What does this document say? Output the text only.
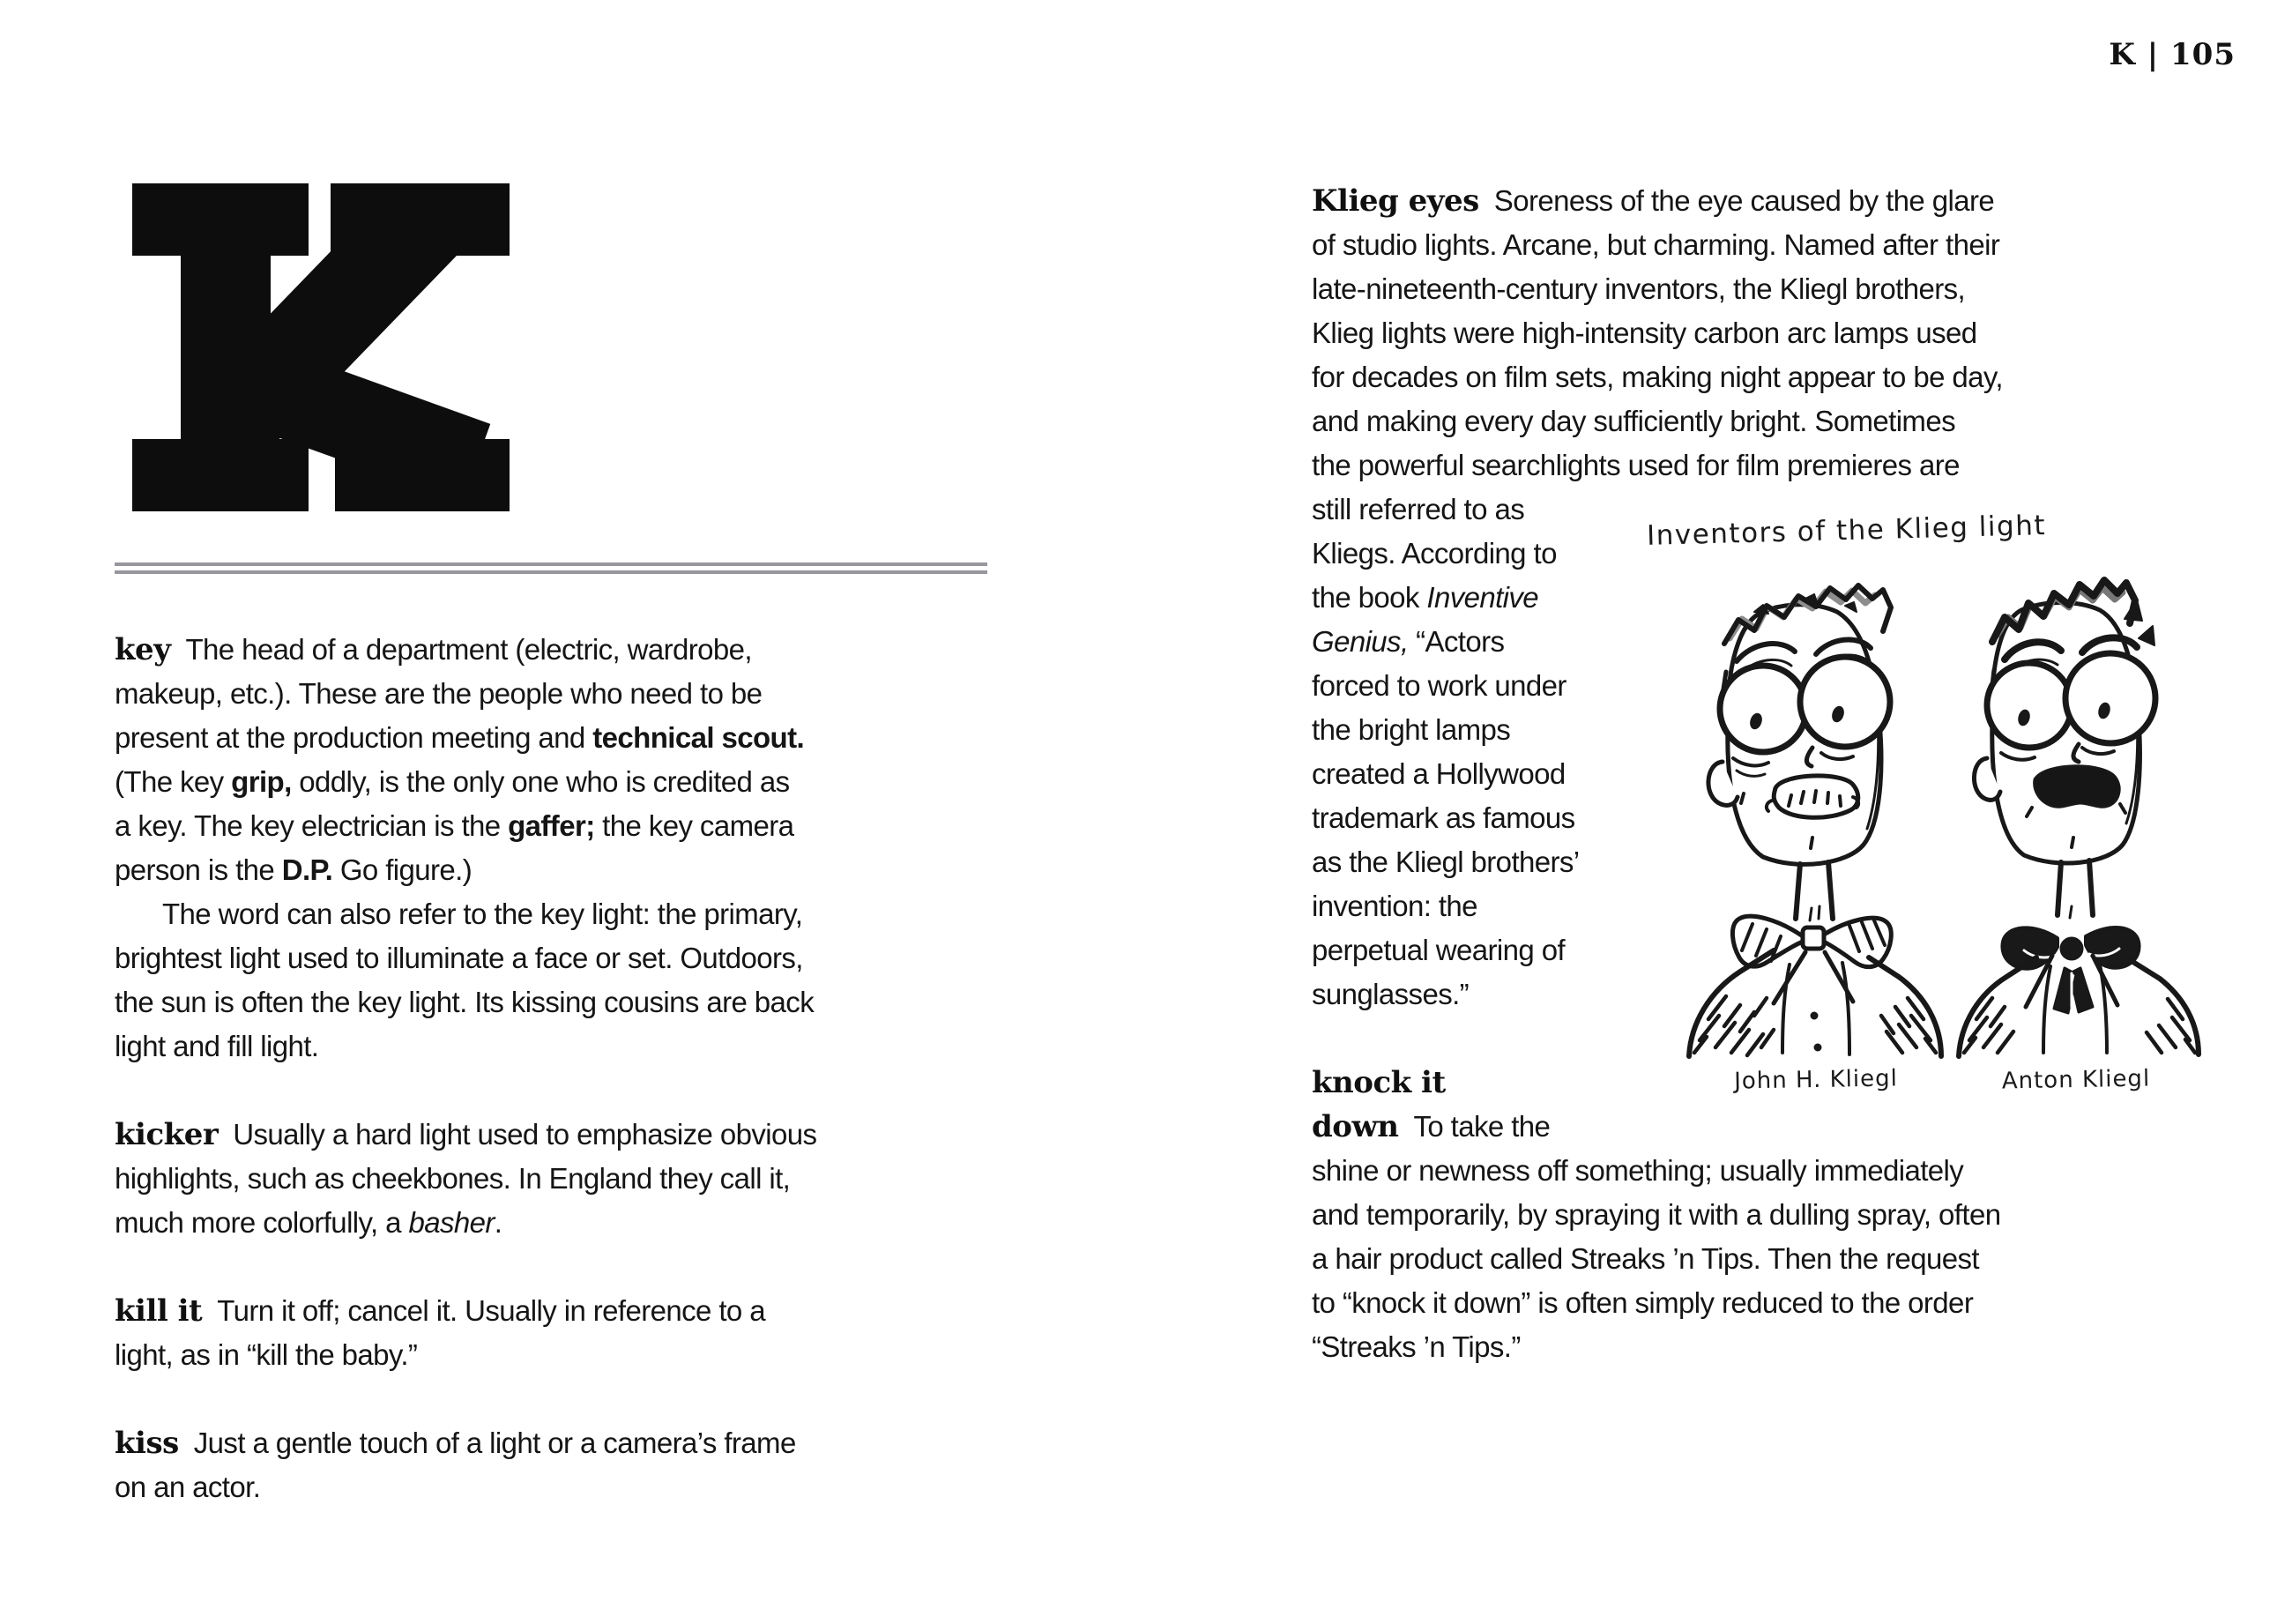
K | 105
key The head of a department (electric, wardrobe,
makeup, etc.). These are the people who need to be
present at the production meeting and technical scout.
(The key grip, oddly, is the only one who is credited as
a key. The key electrician is the gaffer; the key camera
person is the D.P. Go figure.)
The word can also refer to the key light: the primary,
brightest light used to illuminate a face or set. Outdoors,
the sun is often the key light. Its kissing cousins are back
light and fill light.
kicker Usually a hard light used to emphasize obvious
highlights, such as cheekbones. In England they call it,
much more colorfully, a basher.
kill it Turn it off; cancel it. Usually in reference to a
light, as in “kill the baby.”
kiss Just a gentle touch of a light or a camera’s frame
on an actor.
Klieg eyes Soreness of the eye caused by the glare
of studio lights. Arcane, but charming. Named after their
late-nineteenth-century inventors, the Kliegl brothers,
Klieg lights were high-intensity carbon arc lamps used
for decades on film sets, making night appear to be day,
and making every day sufficiently bright. Sometimes
the powerful searchlights used for film premieres are
still referred to as
Kliegs. According to
the book Inventive
Genius, “Actors
forced to work under
the bright lamps
created a Hollywood
trademark as famous
as the Kliegl brothers’
invention: the
perpetual wearing of
sunglasses.”
knock it
down To take the
shine or newness off something; usually immediately
and temporarily, by spraying it with a dulling spray, often
a hair product called Streaks ’n Tips. Then the request
to “knock it down” is often simply reduced to the order
“Streaks ’n Tips.”
Inventors of the Klieg light
John H. Kliegl	Anton Kliegl
